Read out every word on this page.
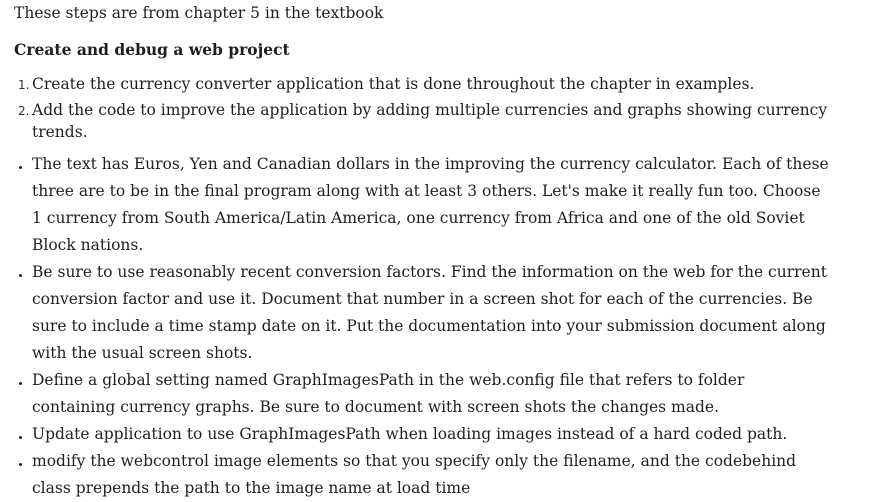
These steps are from chapter 5 in the textbook

Create and debug a web project

1. Create the currency converter application that is done throughout the chapter in examples.
2. Add the code to improve the application by adding multiple currencies and graphs showing currency trends.
The text has Euros, Yen and Canadian dollars in the improving the currency calculator. Each of these three are to be in the final program along with at least 3 others. Let's make it really fun too. Choose 1 currency from South America/Latin America, one currency from Africa and one of the old Soviet Block nations.
Be sure to use reasonably recent conversion factors. Find the information on the web for the current conversion factor and use it. Document that number in a screen shot for each of the currencies. Be sure to include a time stamp date on it. Put the documentation into your submission document along with the usual screen shots.
Define a global setting named GraphImagesPath in the web.config file that refers to folder containing currency graphs. Be sure to document with screen shots the changes made.
Update application to use GraphImagesPath when loading images instead of a hard coded path.
modify the webcontrol image elements so that you specify only the filename, and the codebehind class prepends the path to the image name at load time
